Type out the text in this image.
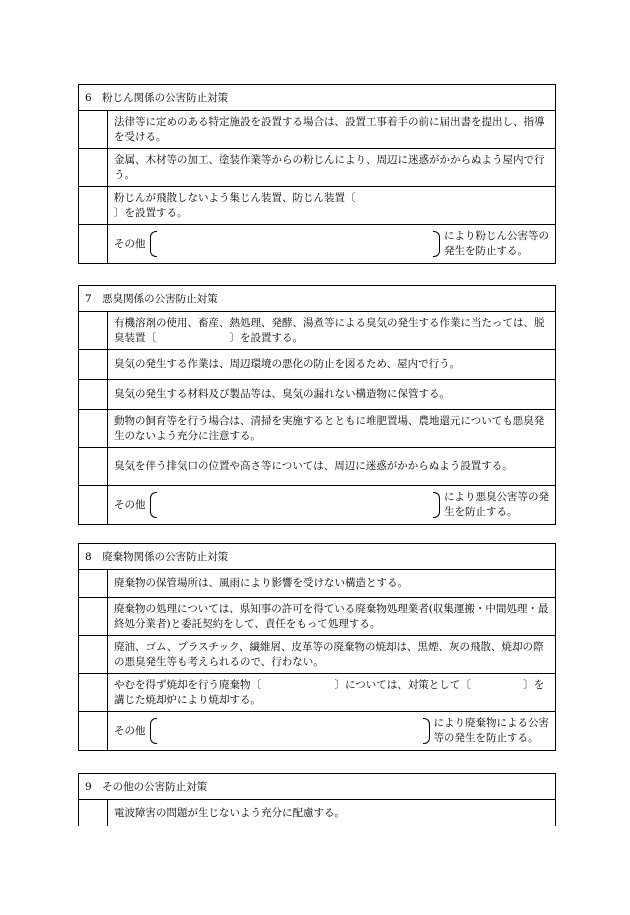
6　粉じん関係の公害防止対策
法律等に定めのある特定施設を設置する場合は、設置工事着手の前に届出書を提出し、指導を受ける。
金属、木材等の加工、塗装作業等からの粉じんにより、周辺に迷惑がかからぬよう屋内で行う。
粉じんが飛散しないよう集じん装置、防じん装置〔　　　　　　　　　　　　　　　　　　　〕を設置する。
その他
により粉じん公害等の
発生を防止する。
7　悪臭関係の公害防止対策
有機溶剤の使用、畜産、熱処理、発酵、湯煮等による臭気の発生する作業に当たっては、脱臭装置〔　　　　　　　〕を設置する。
臭気の発生する作業は、周辺環境の悪化の防止を図るため、屋内で行う。
臭気の発生する材料及び製品等は、臭気の漏れない構造物に保管する。
動物の飼育等を行う場合は、清掃を実施するとともに堆肥置場、農地還元についても悪臭発生のないよう充分に注意する。
臭気を伴う排気口の位置や高さ等については、周辺に迷惑がかからぬよう設置する。
その他
により悪臭公害等の発
生を防止する。
8　廃棄物関係の公害防止対策
廃棄物の保管場所は、風雨により影響を受けない構造とする。
廃棄物の処理については、県知事の許可を得ている廃棄物処理業者(収集運搬・中間処理・最終処分業者)と委託契約をして、責任をもって処理する。
廃油、ゴム、プラスチック、繊維屑、皮革等の廃棄物の焼却は、黒煙、灰の飛散、焼却の際の悪臭発生等も考えられるので、行わない。
やむを得ず焼却を行う廃棄物〔　　　　　　　〕については、対策として〔　　　　　〕を講じた焼却炉により焼却する。
その他
により廃棄物による公害
等の発生を防止する。
9　その他の公害防止対策
電波障害の問題が生じないよう充分に配慮する。
